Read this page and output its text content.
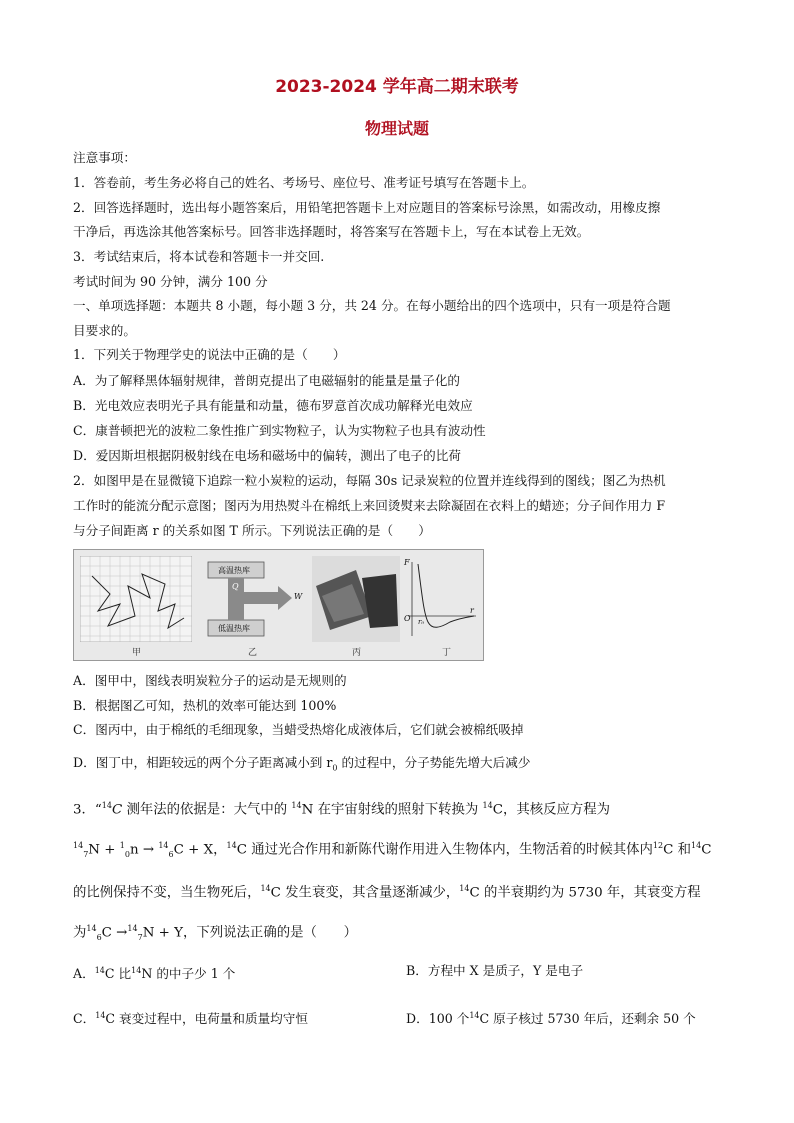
2023-2024 学年高二期末联考
物理试题
注意事项：
1．答卷前，考生务必将自己的姓名、考场号、座位号、准考证号填写在答题卡上。
2．回答选择题时，选出每小题答案后，用铅笔把答题卡上对应题目的答案标号涂黑，如需改动，用橡皮擦
干净后，再选涂其他答案标号。回答非选择题时，将答案写在答题卡上，写在本试卷上无效。
3．考试结束后，将本试卷和答题卡一并交回.
考试时间为 90 分钟，满分 100 分
一、单项选择题：本题共 8 小题，每小题 3 分，共 24 分。在每小题给出的四个选项中，只有一项是符合题
目要求的。
1．下列关于物理学史的说法中正确的是（　　）
A．为了解释黑体辐射规律，普朗克提出了电磁辐射的能量是量子化的
B．光电效应表明光子具有能量和动量，德布罗意首次成功解释光电效应
C．康普顿把光的波粒二象性推广到实物粒子，认为实物粒子也具有波动性
D．爱因斯坦根据阴极射线在电场和磁场中的偏转，测出了电子的比荷
2．如图甲是在显微镜下追踪一粒小炭粒的运动，每隔 30s 记录炭粒的位置并连线得到的图线；图乙为热机
工作时的能流分配示意图；图丙为用热熨斗在棉纸上来回烫熨来去除凝固在衣料上的蜡迹；分子间作用力 F
与分子间距离 r 的关系如图 T 所示。下列说法正确的是（　　）
高温热库
低温热库
Q
W
F
O r₀
r
甲	乙	丙	丁
A．图甲中，图线表明炭粒分子的运动是无规则的
B．根据图乙可知，热机的效率可能达到 100%
C．图丙中，由于棉纸的毛细现象，当蜡受热熔化成液体后，它们就会被棉纸吸掉
D．图丁中，相距较远的两个分子距离减小到 $r_0$ 的过程中，分子势能先增大后减少
3．“$^{14}$C 测年法的依据是：大气中的 $^{14}$N 在宇宙射线的照射下转换为 $^{14}$C，其核反应方程为
$^{14}_7$N + $^1_0$n → $^{14}_6$C + X，$^{14}$C 通过光合作用和新陈代谢作用进入生物体内，生物活着的时候其体内$^{12}$C 和$^{14}$C
的比例保持不变，当生物死后，$^{14}$C 发生衰变，其含量逐渐减少，$^{14}$C 的半衰期约为 5730 年，其衰变方程
为$^{14}_6$C →$^{14}_7$N + Y，下列说法正确的是（　　）
A．$^{14}$C 比$^{14}$N 的中子少 1 个	B．方程中 X 是质子，Y 是电子
C．$^{14}$C 衰变过程中，电荷量和质量均守恒	D．100 个$^{14}$C 原子核过 5730 年后，还剩余 50 个
